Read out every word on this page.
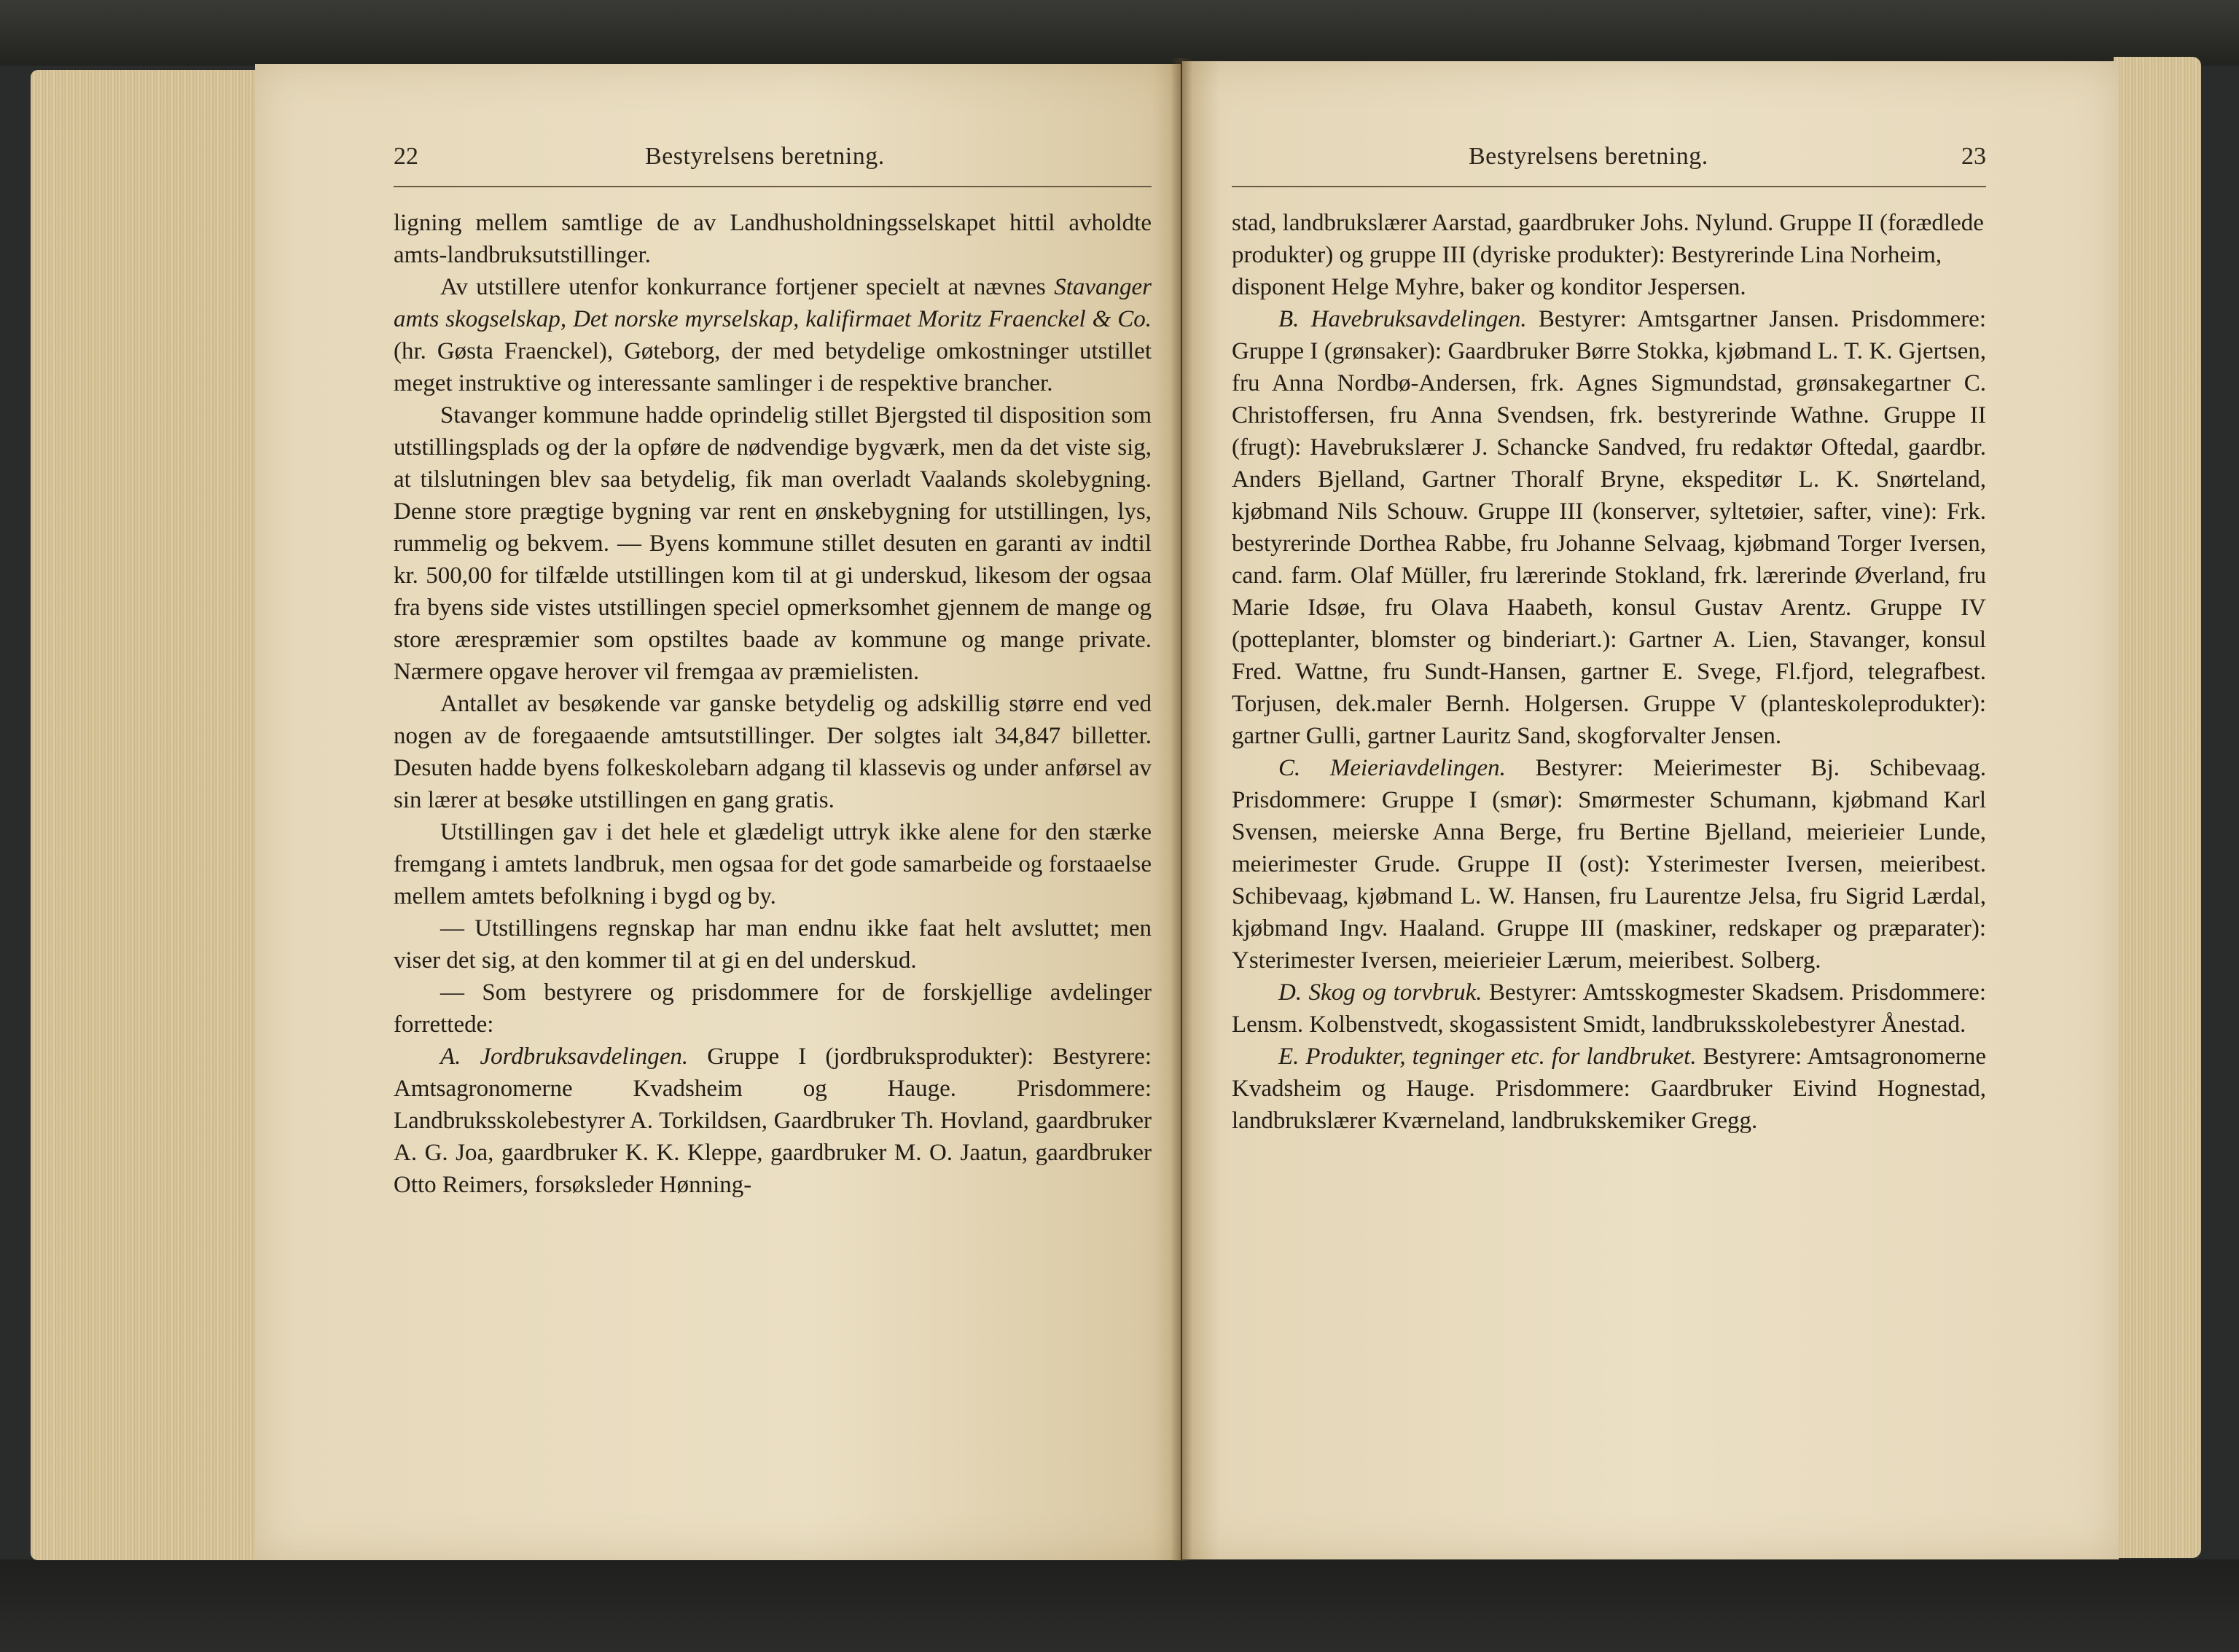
22	Bestyrelsens beretning.

ligning mellem samtlige de av Landhusholdningsselskapet hittil avholdte amts-landbruksutstillinger.

Av utstillere utenfor konkurrance fortjener specielt at nævnes Stavanger amts skogselskap, Det norske myrselskap, kalifirmaet Moritz Fraenckel & Co. (hr. Gøsta Fraenckel), Gøteborg, der med betydelige omkostninger utstillet meget instruktive og interessante samlinger i de respektive brancher.

Stavanger kommune hadde oprindelig stillet Bjergsted til disposition som utstillingsplads og der la opføre de nødvendige bygværk, men da det viste sig, at tilslutningen blev saa betydelig, fik man overladt Vaalands skolebygning. Denne store prægtige bygning var rent en ønskebygning for utstillingen, lys, rummelig og bekvem. — Byens kommune stillet desuten en garanti av indtil kr. 500,00 for tilfælde utstillingen kom til at gi underskud, likesom der ogsaa fra byens side vistes utstillingen speciel opmerksomhet gjennem de mange og store ærespræmier som opstiltes baade av kommune og mange private. Nærmere opgave herover vil fremgaa av præmielisten.

Antallet av besøkende var ganske betydelig og adskillig større end ved nogen av de foregaaende amtsutstillinger. Der solgtes ialt 34,847 billetter. Desuten hadde byens folkeskolebarn adgang til klassevis og under anførsel av sin lærer at besøke utstillingen en gang gratis.

Utstillingen gav i det hele et glædeligt uttryk ikke alene for den stærke fremgang i amtets landbruk, men ogsaa for det gode samarbeide og forstaaelse mellem amtets befolkning i bygd og by.

— Utstillingens regnskap har man endnu ikke faat helt avsluttet; men viser det sig, at den kommer til at gi en del underskud.

— Som bestyrere og prisdommere for de forskjellige avdelinger forrettede:

A. Jordbruksavdelingen. Gruppe I (jordbruksprodukter): Bestyrere: Amtsagronomerne Kvadsheim og Hauge. Prisdommere: Landbruksskolebestyrer A. Torkildsen, Gaardbruker Th. Hovland, gaardbruker A. G. Joa, gaardbruker K. K. Kleppe, gaardbruker M. O. Jaatun, gaardbruker Otto Reimers, forsøksleder Hønning-

Bestyrelsens beretning.	23

stad, landbrukslærer Aarstad, gaardbruker Johs. Nylund. Gruppe II (forædlede produkter) og gruppe III (dyriske produkter): Bestyrerinde Lina Norheim, disponent Helge Myhre, baker og konditor Jespersen.

B. Havebruksavdelingen. Bestyrer: Amtsgartner Jansen. Prisdommere: Gruppe I (grønsaker): Gaardbruker Børre Stokka, kjøbmand L. T. K. Gjertsen, fru Anna Nordbø-Andersen, frk. Agnes Sigmundstad, grønsakegartner C. Christoffersen, fru Anna Svendsen, frk. bestyrerinde Wathne. Gruppe II (frugt): Havebrukslærer J. Schancke Sandved, fru redaktør Oftedal, gaardbr. Anders Bjelland, Gartner Thoralf Bryne, ekspeditør L. K. Snørteland, kjøbmand Nils Schouw. Gruppe III (konserver, syltetøier, safter, vine): Frk. bestyrerinde Dorthea Rabbe, fru Johanne Selvaag, kjøbmand Torger Iversen, cand. farm. Olaf Müller, fru lærerinde Stokland, frk. lærerinde Øverland, fru Marie Idsøe, fru Olava Haabeth, konsul Gustav Arentz. Gruppe IV (potteplanter, blomster og binderiart.): Gartner A. Lien, Stavanger, konsul Fred. Wattne, fru Sundt-Hansen, gartner E. Svege, Fl.fjord, telegrafbest. Torjusen, dek.maler Bernh. Holgersen. Gruppe V (planteskoleprodukter): gartner Gulli, gartner Lauritz Sand, skogforvalter Jensen.

C. Meieriavdelingen. Bestyrer: Meierimester Bj. Schibevaag. Prisdommere: Gruppe I (smør): Smørmester Schumann, kjøbmand Karl Svensen, meierske Anna Berge, fru Bertine Bjelland, meierieier Lunde, meierimester Grude. Gruppe II (ost): Ysterimester Iversen, meieribest. Schibevaag, kjøbmand L. W. Hansen, fru Laurentze Jelsa, fru Sigrid Lærdal, kjøbmand Ingv. Haaland. Gruppe III (maskiner, redskaper og præparater): Ysterimester Iversen, meierieier Lærum, meieribest. Solberg.

D. Skog og torvbruk. Bestyrer: Amtsskogmester Skadsem. Prisdommere: Lensm. Kolbenstvedt, skogassistent Smidt, landbruksskolebestyrer Ånestad.

E. Produkter, tegninger etc. for landbruket. Bestyrere: Amtsagronomerne Kvadsheim og Hauge. Prisdommere: Gaardbruker Eivind Hognestad, landbrukslærer Kværneland, landbrukskemiker Gregg.
